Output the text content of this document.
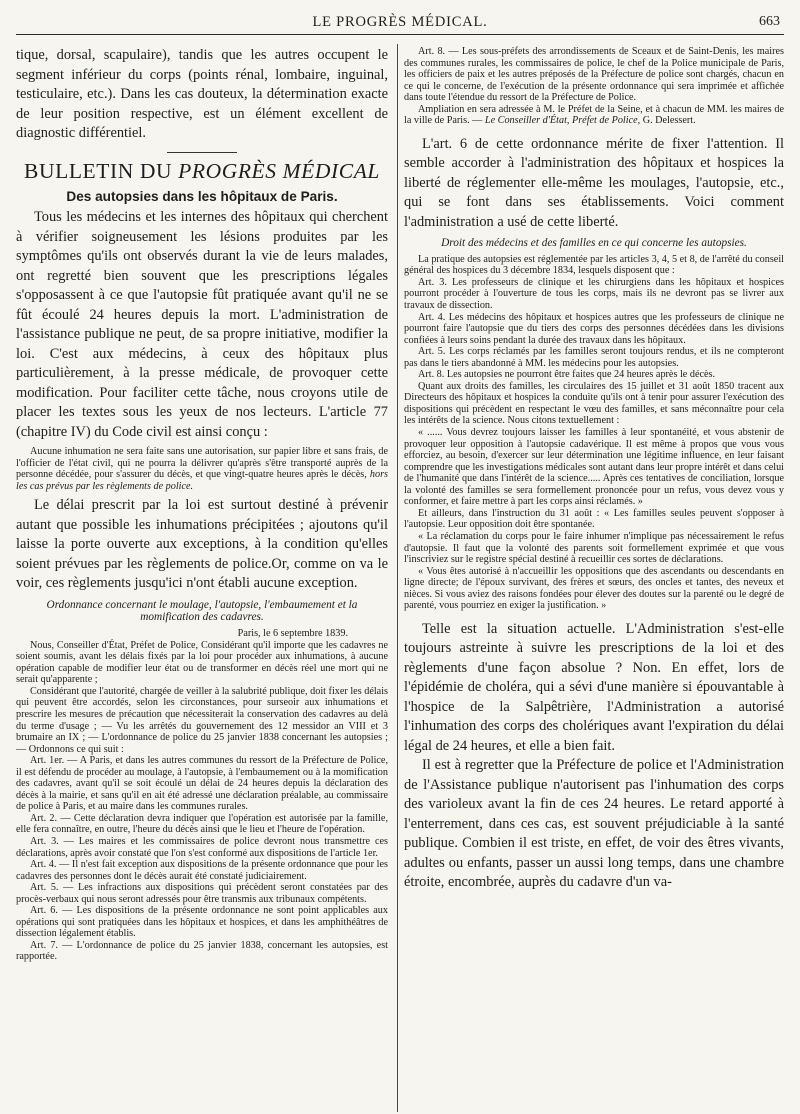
LE PROGRÈS MÉDICAL.	663

tique, dorsal, scapulaire), tandis que les autres occupent le segment inférieur du corps (points rénal, lombaire, inguinal, testiculaire, etc.). Dans les cas douteux, la détermination exacte de leur position respective, est un élément excellent de diagnostic différentiel.

BULLETIN DU PROGRÈS MÉDICAL
Des autopsies dans les hôpitaux de Paris.

Tous les médecins et les internes des hôpitaux qui cherchent à vérifier soigneusement les lésions produites par les symptômes qu'ils ont observés durant la vie de leurs malades, ont regretté bien souvent que les prescriptions légales s'opposassent à ce que l'autopsie fût pratiquée avant qu'il ne se fût écoulé 24 heures depuis la mort. L'administration de l'assistance publique ne peut, de sa propre initiative, modifier la loi. C'est aux médecins, à ceux des hôpitaux plus particulièrement, à la presse médicale, de provoquer cette modification. Pour faciliter cette tâche, nous croyons utile de placer les textes sous les yeux de nos lecteurs. L'article 77 (chapitre IV) du Code civil est ainsi conçu :

Aucune inhumation ne sera faite sans une autorisation, sur papier libre et sans frais, de l'officier de l'état civil, qui ne pourra la délivrer qu'après s'être transporté auprès de la personne décédée, pour s'assurer du décès, et que vingt-quatre heures après le décès, hors les cas prévus par les règlements de police.

Le délai prescrit par la loi est surtout destiné à prévenir autant que possible les inhumations précipitées ; ajoutons qu'il laisse la porte ouverte aux exceptions, à la condition qu'elles soient prévues par les règlements de police.Or, comme on va le voir, ces règlements jusqu'ici n'ont établi aucune exception.

Ordonnance concernant le moulage, l'autopsie, l'embaumement et la momification des cadavres.
Paris, le 6 septembre 1839.

Nous, Conseiller d'État, Préfet de Police, Considérant qu'il importe que les cadavres ne soient soumis, avant les délais fixés par la loi pour procéder aux inhumations, à aucune opération capable de modifier leur état ou de transformer en décès réel une mort qui ne serait qu'apparente ;

Considérant que l'autorité, chargée de veiller à la salubrité publique, doit fixer les délais qui peuvent être accordés, selon les circonstances, pour surseoir aux inhumations et prescrire les mesures de précaution que nécessiterait la conservation des cadavres au delà du terme d'usage ; — Vu les arrêtés du gouvernement des 12 messidor an VIII et 3 brumaire an IX ; — L'ordonnance de police du 25 janvier 1838 concernant les autopsies ; — Ordonnons ce qui suit :

Art. 1er. — A Paris, et dans les autres communes du ressort de la Préfecture de Police, il est défendu de procéder au moulage, à l'autopsie, à l'embaumement ou à la momification des cadavres, avant qu'il se soit écoulé un délai de 24 heures depuis la déclaration des décès à la mairie, et sans qu'il en ait été adressé une déclaration préalable, au commissaire de police à Paris, et au maire dans les communes rurales.

Art. 2. — Cette déclaration devra indiquer que l'opération est autorisée par la famille, elle fera connaître, en outre, l'heure du décès ainsi que le lieu et l'heure de l'opération.

Art. 3. — Les maires et les commissaires de police devront nous transmettre ces déclarations, après avoir constaté que l'on s'est conformé aux dispositions de l'article 1er.

Art. 4. — Il n'est fait exception aux dispositions de la présente ordonnance que pour les cadavres des personnes dont le décès aurait été constaté judiciairement.

Art. 5. — Les infractions aux dispositions qui précèdent seront constatées par des procès-verbaux qui nous seront adressés pour être transmis aux tribunaux compétents.

Art. 6. — Les dispositions de la présente ordonnance ne sont point applicables aux opérations qui sont pratiquées dans les hôpitaux et hospices, et dans les amphithéâtres de dissection légalement établis.

Art. 7. — L'ordonnance de police du 25 janvier 1838, concernant les autopsies, est rapportée.

Art. 8. — Les sous-préfets des arrondissements de Sceaux et de Saint-Denis, les maires des communes rurales, les commissaires de police, le chef de la Police municipale de Paris, les officiers de paix et les autres préposés de la Préfecture de police sont chargés, chacun en ce qui le concerne, de l'exécution de la présente ordonnance qui sera imprimée et affichée dans toute l'étendue du ressort de la Préfecture de Police.

Ampliation en sera adressée à M. le Préfet de la Seine, et à chacun de MM. les maires de la ville de Paris. — Le Conseiller d'État, Préfet de Police, G. Delessert.

L'art. 6 de cette ordonnance mérite de fixer l'attention. Il semble accorder à l'administration des hôpitaux et hospices la liberté de réglementer elle-même les moulages, l'autopsie, etc., qui se font dans ses établissements. Voici comment l'administration a usé de cette liberté.

Droit des médecins et des familles en ce qui concerne les autopsies.

La pratique des autopsies est réglementée par les articles 3, 4, 5 et 8, de l'arrêté du conseil général des hospices du 3 décembre 1834, lesquels disposent que :

Art. 3. Les professeurs de clinique et les chirurgiens dans les hôpitaux et hospices pourront procéder à l'ouverture de tous les corps, mais ils ne devront pas se livrer aux travaux de dissection.

Art. 4. Les médecins des hôpitaux et hospices autres que les professeurs de clinique ne pourront faire l'autopsie que du tiers des corps des personnes décédées dans les divisions confiées à leurs soins pendant la durée des travaux dans les hôpitaux.

Art. 5. Les corps réclamés par les familles seront toujours rendus, et ils ne compteront pas dans le tiers abandonné à MM. les médecins pour les autopsies.

Art. 8. Les autopsies ne pourront être faites que 24 heures après le décès.

Quant aux droits des familles, les circulaires des 15 juillet et 31 août 1850 tracent aux Directeurs des hôpitaux et hospices la conduite qu'ils ont à tenir pour assurer l'exécution des dispositions qui précèdent en respectant le vœu des familles, et sans méconnaître pour cela les intérêts de la science. Nous citons textuellement :

« ...... Vous devrez toujours laisser les familles à leur spontanéité, et vous abstenir de provoquer leur opposition à l'autopsie cadavérique. Il est même à propos que vous vous efforciez, au besoin, d'exercer sur leur détermination une légitime influence, en leur faisant comprendre que les investigations médicales sont autant dans leur propre intérêt et dans celui de l'humanité que dans l'intérêt de la science..... Après ces tentatives de conciliation, lorsque la volonté des familles se sera formellement prononcée pour un refus, vous devez vous y conformer, et faire mettre à part les corps ainsi réclamés. »

Et ailleurs, dans l'instruction du 31 août : « Les familles seules peuvent s'opposer à l'autopsie. Leur opposition doit être spontanée.

« La réclamation du corps pour le faire inhumer n'implique pas nécessairement le refus d'autopsie. Il faut que la volonté des parents soit formellement exprimée et que vous l'inscriviez sur le registre spécial destiné à recueillir ces sortes de déclarations.

« Vous êtes autorisé à n'accueillir les oppositions que des ascendants ou descendants en ligne directe; de l'époux survivant, des frères et sœurs, des oncles et tantes, des neveux et nièces. Si vous aviez des raisons fondées pour élever des doutes sur la parenté ou le degré de parenté, vous pourriez en exiger la justification. »

Telle est la situation actuelle. L'Administration s'est-elle toujours astreinte à suivre les prescriptions de la loi et des règlements d'une façon absolue ? Non. En effet, lors de l'épidémie de choléra, qui a sévi d'une manière si épouvantable à l'hospice de la Salpêtrière, l'Administration a autorisé l'inhumation des corps des cholériques avant l'expiration du délai légal de 24 heures, et elle a bien fait.

Il est à regretter que la Préfecture de police et l'Administration de l'Assistance publique n'autorisent pas l'inhumation des corps des varioleux avant la fin de ces 24 heures. Le retard apporté à l'enterrement, dans ces cas, est souvent préjudiciable à la santé publique. Combien il est triste, en effet, de voir des êtres vivants, adultes ou enfants, passer un aussi long temps, dans une chambre étroite, encombrée, auprès du cadavre d'un va-
